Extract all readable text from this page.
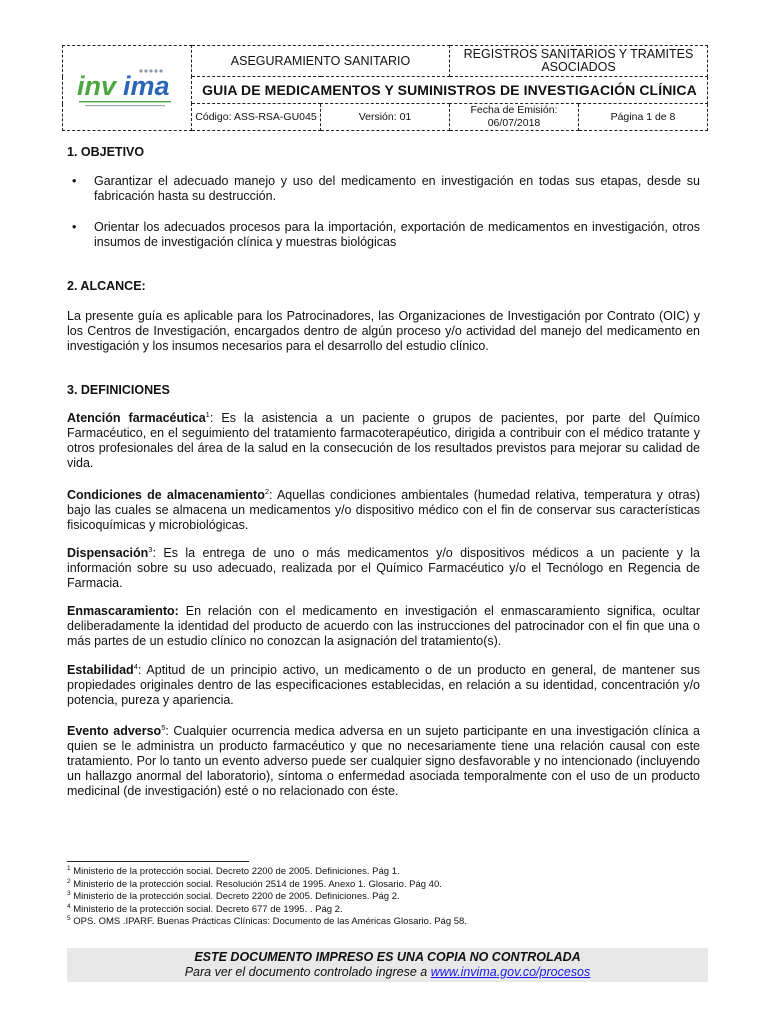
inv ima	ASEGURAMIENTO SANITARIO		REGISTROS SANITARIOS Y TRAMITES ASOCIADOS	
	GUIA DE MEDICAMENTOS Y SUMINISTROS DE INVESTIGACIÓN CLÍNICA			
	Código: ASS-RSA-GU045	Versión: 01	Fecha de Emisión: 06/07/2018	Página 1 de 8
1. OBJETIVO
•	Garantizar el adecuado manejo y uso del medicamento en investigación en todas sus etapas, desde su fabricación hasta su destrucción.
•	Orientar los adecuados procesos para la importación, exportación de medicamentos en investigación, otros insumos de investigación clínica y muestras biológicas
2. ALCANCE:
La presente guía es aplicable para los Patrocinadores, las Organizaciones de Investigación por Contrato (OIC) y los Centros de Investigación, encargados dentro de algún proceso y/o actividad del manejo del medicamento en investigación y los insumos necesarios para el desarrollo del estudio clínico.
3. DEFINICIONES
Atención farmacéutica$^1$: Es la asistencia a un paciente o grupos de pacientes, por parte del Químico Farmacéutico, en el seguimiento del tratamiento farmacoterapéutico, dirigida a contribuir con el médico tratante y otros profesionales del área de la salud en la consecución de los resultados previstos para mejorar su calidad de vida.
Condiciones de almacenamiento$^2$: Aquellas condiciones ambientales (humedad relativa, temperatura y otras) bajo las cuales se almacena un medicamentos y/o dispositivo médico con el fin de conservar sus características fisicoquímicas y microbiológicas.
Dispensación$^3$: Es la entrega de uno o más medicamentos y/o dispositivos médicos a un paciente y la información sobre su uso adecuado, realizada por el Químico Farmacéutico y/o el Tecnólogo en Regencia de Farmacia.
Enmascaramiento: En relación con el medicamento en investigación el enmascaramiento significa, ocultar deliberadamente la identidad del producto de acuerdo con las instrucciones del patrocinador con el fin que una o más partes de un estudio clínico no conozcan la asignación del tratamiento(s).
Estabilidad$^4$: Aptitud de un principio activo, un medicamento o de un producto en general, de mantener sus propiedades originales dentro de las especificaciones establecidas, en relación a su identidad, concentración y/o potencia, pureza y apariencia.
Evento adverso$^5$: Cualquier ocurrencia medica adversa en un sujeto participante en una investigación clínica a quien se le administra un producto farmacéutico y que no necesariamente tiene una relación causal con este tratamiento. Por lo tanto un evento adverso puede ser cualquier signo desfavorable y no intencionado (incluyendo un hallazgo anormal del laboratorio), síntoma o enfermedad asociada temporalmente con el uso de un producto medicinal (de investigación) esté o no relacionado con éste.
$^1$ Ministerio de la protección social. Decreto 2200 de 2005. Definiciones. Pág 1.
$^2$ Ministerio de la protección social. Resolución 2514 de 1995. Anexo 1. Glosario. Pág 40.
$^3$ Ministerio de la protección social. Decreto 2200 de 2005. Definiciones. Pág 2.
$^4$ Ministerio de la protección social. Decreto 677 de 1995. . Pág 2.
$^5$ OPS. OMS .IPARF. Buenas Prácticas Clínicas: Documento de las Américas Glosario. Pág 58.
ESTE DOCUMENTO IMPRESO ES UNA COPIA NO CONTROLADA
Para ver el documento controlado ingrese a www.invima.gov.co/procesos
